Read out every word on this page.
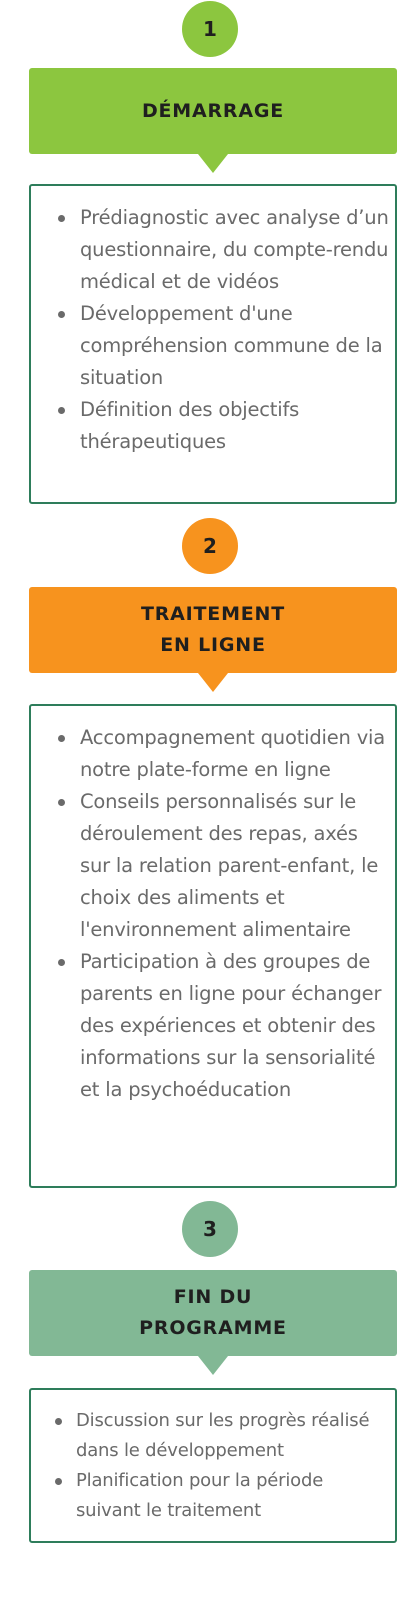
1
DÉMARRAGE
Prédiagnostic avec analyse d’un questionnaire, du compte-rendu médical et de vidéos
Développement d'une compréhension commune de la situation
Définition des objectifs thérapeutiques
2
TRAITEMENT
EN LIGNE
Accompagnement quotidien via notre plate-forme en ligne
Conseils personnalisés sur le déroulement des repas, axés sur la relation parent-enfant, le choix des aliments et l'environnement alimentaire
Participation à des groupes de parents en ligne pour échanger des expériences et obtenir des informations sur la sensorialité et la psychoéducation
3
FIN DU
PROGRAMME
Discussion sur les progrès réalisé dans le développement
Planification pour la période suivant le traitement
